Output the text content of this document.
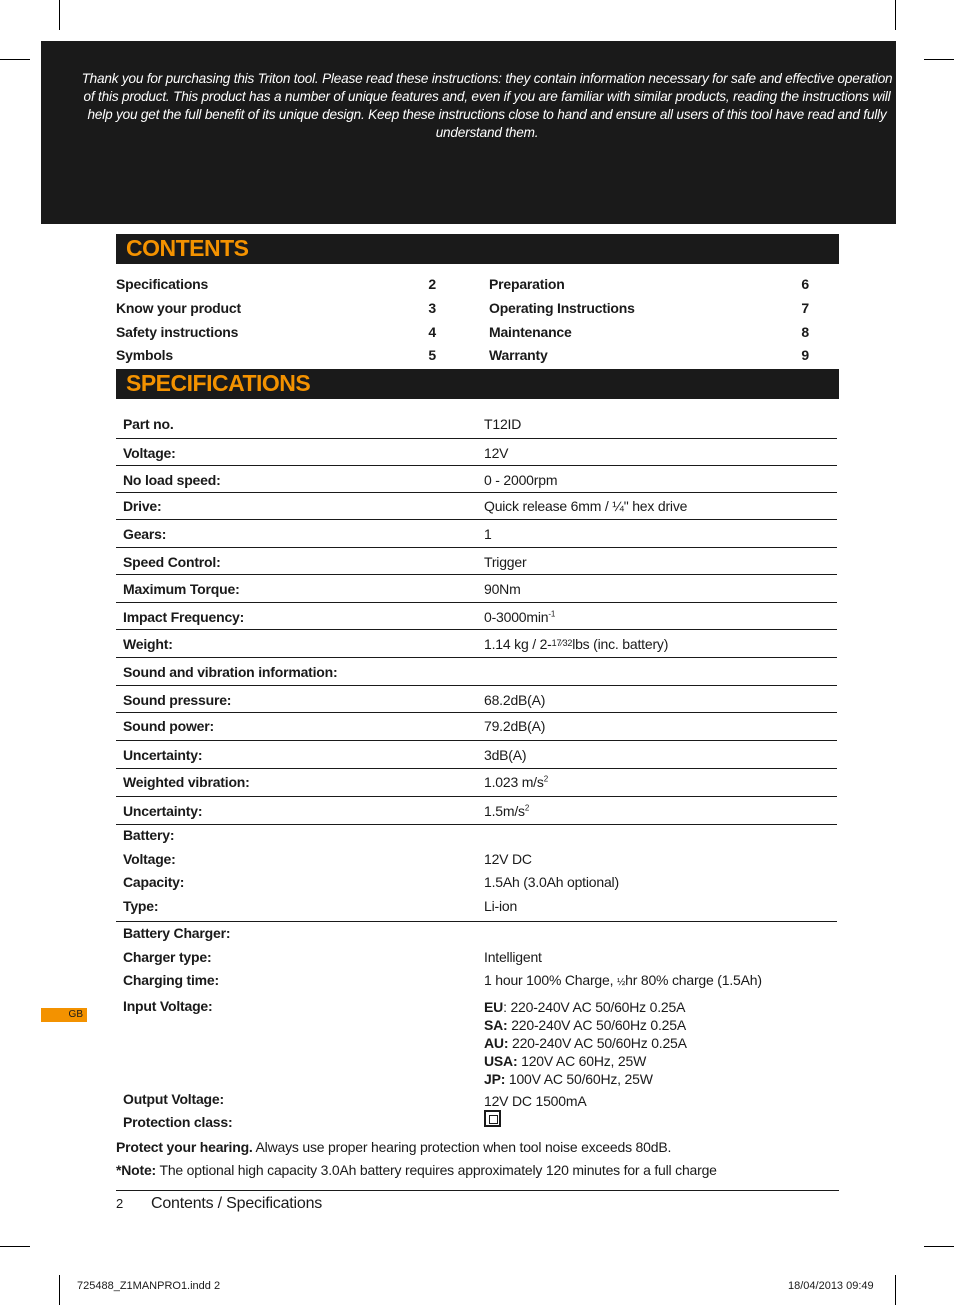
Thank you for purchasing this Triton tool. Please read these instructions: they contain information necessary for safe and effective operation of this product. This product has a number of unique features and, even if you are familiar with similar products, reading the instructions will help you get the full benefit of its unique design. Keep these instructions close to hand and ensure all users of this tool have read and fully understand them.
CONTENTS
Specifications	2
Know your product	3
Safety instructions	4
Symbols	5
Preparation	6
Operating Instructions	7
Maintenance	8
Warranty	9
SPECIFICATIONS
Part no.	T12ID
Voltage:	12V
No load speed:	0 - 2000rpm
Drive:	Quick release 6mm / ¼" hex drive
Gears:	1
Speed Control:	Trigger
Maximum Torque:	90Nm
Impact Frequency:	$0-3000\min^{-1}$
Weight:	1.14 kg / 2-$^{17⁄32}$lbs (inc. battery)
Sound and vibration information:
Sound pressure:	68.2dB(A)
Sound power:	79.2dB(A)
Uncertainty:	3dB(A)
Weighted vibration:	1.023 $m/s^2$
Uncertainty:	$1.5m/s^2$
Battery:
Voltage:	12V DC
Capacity:	1.5Ah (3.0Ah optional)
Type:	Li-ion
Battery Charger:
Charger type:	Intelligent
Charging time:	1 hour 100% Charge, ½hr 80% charge (1.5Ah)
Input Voltage:	EU: 220-240V AC 50/60Hz 0.25A
SA: 220-240V AC 50/60Hz 0.25A
AU: 220-240V AC 50/60Hz 0.25A
USA: 120V AC 60Hz, 25W
JP: 100V AC 50/60Hz, 25W
Output Voltage:	12V DC 1500mA
Protection class:
Protect your hearing. Always use proper hearing protection when tool noise exceeds 80dB.
*Note: The optional high capacity 3.0Ah battery requires approximately 120 minutes for a full charge
GB
2 Contents / Specifications
725488_Z1MANPRO1.indd 2	18/04/2013 09:49
